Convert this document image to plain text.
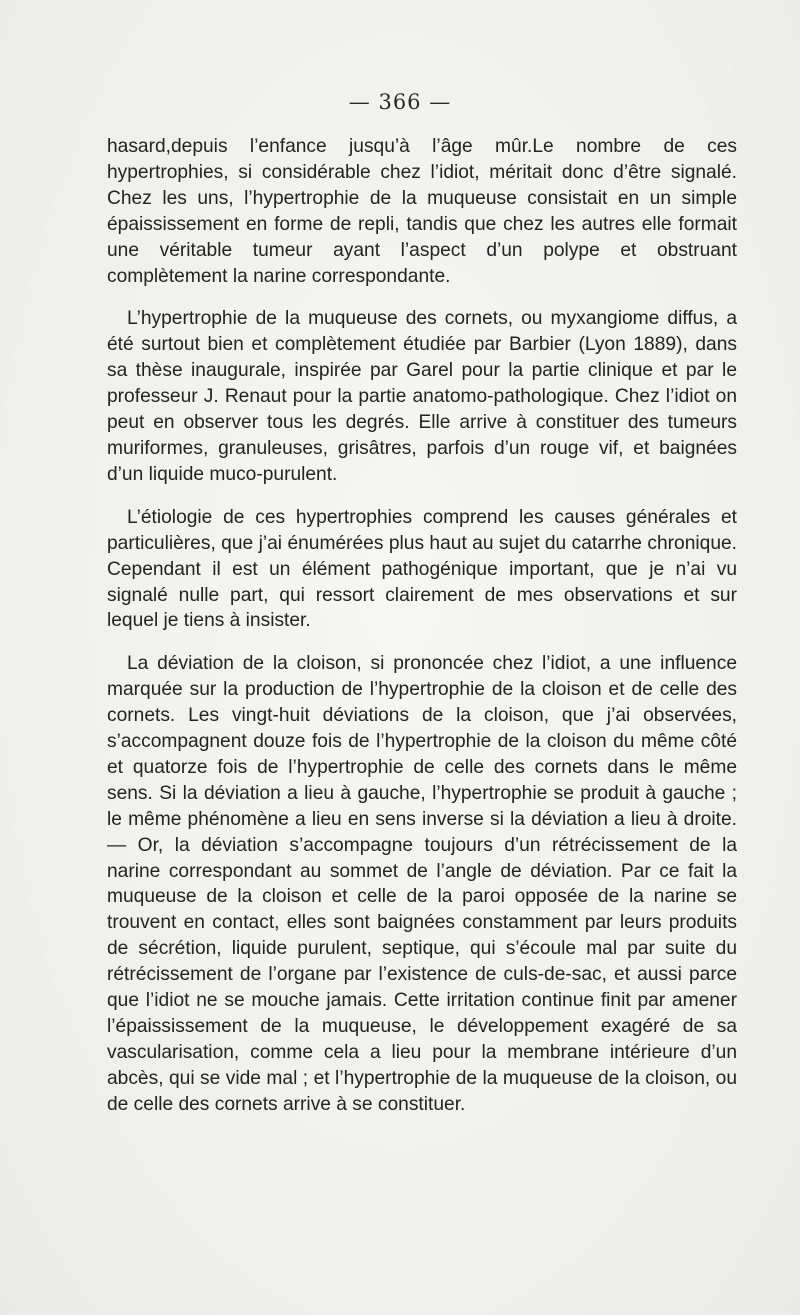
— 366 —

hasard,depuis l’enfance jusqu’à l’âge mûr.Le nombre de ces hypertrophies, si considérable chez l’idiot, méritait donc d’être signalé. Chez les uns, l’hypertrophie de la muqueuse consistait en un simple épaississement en forme de repli, tandis que chez les autres elle formait une véritable tumeur ayant l’aspect d’un polype et obstruant complètement la narine correspondante.

L’hypertrophie de la muqueuse des cornets, ou myxangiome diffus, a été surtout bien et complètement étudiée par Barbier (Lyon 1889), dans sa thèse inaugurale, inspirée par Garel pour la partie clinique et par le professeur J. Renaut pour la partie anatomo-pathologique. Chez l’idiot on peut en observer tous les degrés. Elle arrive à constituer des tumeurs muriformes, granuleuses, grisâtres, parfois d’un rouge vif, et baignées d’un liquide muco-purulent.

L’étiologie de ces hypertrophies comprend les causes générales et particulières, que j’ai énumérées plus haut au sujet du catarrhe chronique. Cependant il est un élément pathogénique important, que je n’ai vu signalé nulle part, qui ressort clairement de mes observations et sur lequel je tiens à insister.

La déviation de la cloison, si prononcée chez l’idiot, a une influence marquée sur la production de l’hypertrophie de la cloison et de celle des cornets. Les vingt-huit déviations de la cloison, que j’ai observées, s’accompagnent douze fois de l’hypertrophie de la cloison du même côté et quatorze fois de l’hypertrophie de celle des cornets dans le même sens. Si la déviation a lieu à gauche, l’hypertrophie se produit à gauche ; le même phénomène a lieu en sens inverse si la déviation a lieu à droite. — Or, la déviation s’accompagne toujours d’un rétrécissement de la narine correspondant au sommet de l’angle de déviation. Par ce fait la muqueuse de la cloison et celle de la paroi opposée de la narine se trouvent en contact, elles sont baignées constamment par leurs produits de sécrétion, liquide purulent, septique, qui s’écoule mal par suite du rétrécissement de l’organe par l’existence de culs-de-sac, et aussi parce que l’idiot ne se mouche jamais. Cette irritation continue finit par amener l’épaississement de la muqueuse, le développement exagéré de sa vascularisation, comme cela a lieu pour la membrane intérieure d’un abcès, qui se vide mal ; et l’hypertrophie de la muqueuse de la cloison, ou de celle des cornets arrive à se constituer.
